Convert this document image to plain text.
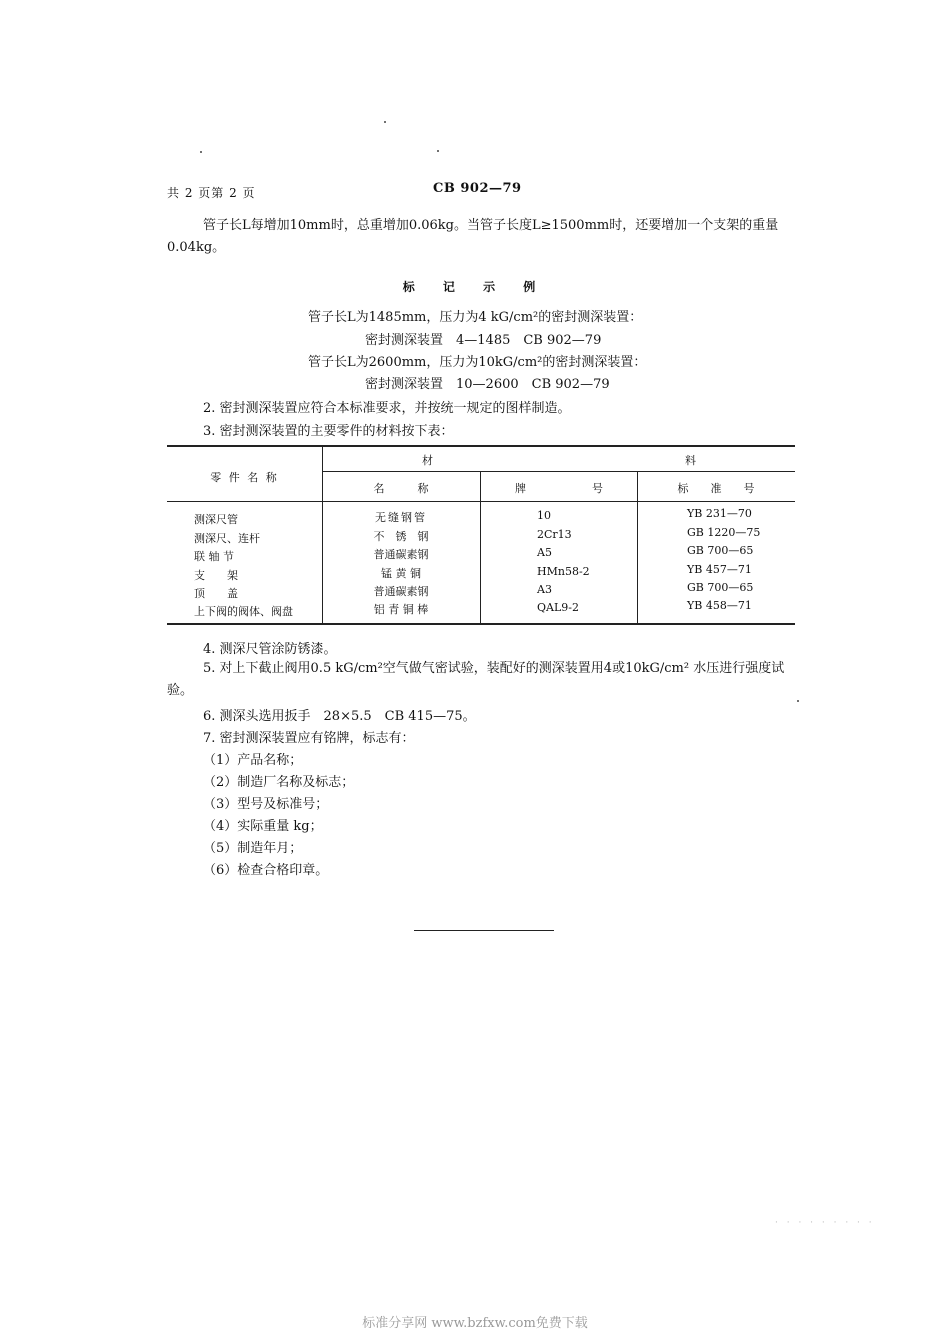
共 2 页第 2 页	CB 902—79
管子长L每增加10mm时，总重增加0.06kg。当管子长度L≥1500mm时，还要增加一个支架的重量0.04kg。
标 记 示 例
管子长L为1485mm，压力为4 kG/cm²的密封测深装置：
密封测深装置　4—1485　CB 902—79
管子长L为2600mm，压力为10kG/cm²的密封测深装置：
密封测深装置　10—2600　CB 902—79
2. 密封测深装置应符合本标准要求，并按统一规定的图样制造。
3. 密封测深装置的主要零件的材料按下表：
零 件 名 称
材	料
名　　　称	牌	号	标　　准　　号
测深尺管	无缝钢管	10	YB 231—70
测深尺、连杆	不　锈　钢	2Cr13	GB 1220—75
联 轴 节	普通碳素钢	A5	GB 700—65
支　　架	锰 黄 铜	HMn58-2	YB 457—71
顶　　盖	普通碳素钢	A3	GB 700—65
上下阀的阀体、阀盘	铝 青 铜 棒	QAL9-2	YB 458—71
4. 测深尺管涂防锈漆。
5. 对上下截止阀用0.5 kG/cm²空气做气密试验，装配好的测深装置用4或10kG/cm² 水压进行强度试验。
6. 测深头选用扳手　28×5.5　CB 415—75。
7. 密封测深装置应有铭牌，标志有：
（1）产品名称；
（2）制造厂名称及标志；
（3）型号及标准号；
（4）实际重量 kg；
（5）制造年月；
（6）检查合格印章。
· · · · · · · · ·
标准分享网 www.bzfxw.com免费下载
